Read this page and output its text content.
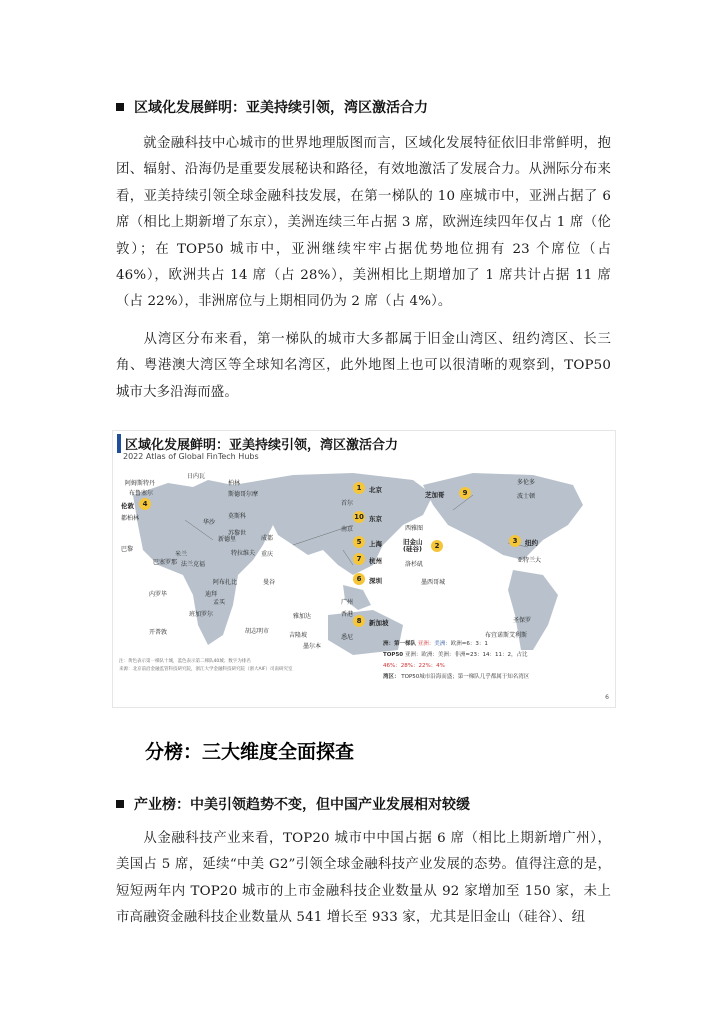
区域化发展鲜明：亚美持续引领，湾区激活合力

就金融科技中心城市的世界地理版图而言，区域化发展特征依旧非常鲜明，抱团、辐射、沿海仍是重要发展秘诀和路径，有效地激活了发展合力。从洲际分布来看，亚美持续引领全球金融科技发展，在第一梯队的 10 座城市中，亚洲占据了 6 席（相比上期新增了东京），美洲连续三年占据 3 席，欧洲连续四年仅占 1 席（伦敦）；在 TOP50 城市中，亚洲继续牢牢占据优势地位拥有 23 个席位（占 46%），欧洲共占 14 席（占 28%），美洲相比上期增加了 1 席共计占据 11 席（占 22%），非洲席位与上期相同仍为 2 席（占 4%）。

从湾区分布来看，第一梯队的城市大多都属于旧金山湾区、纽约湾区、长三角、粤港澳大湾区等全球知名湾区，此外地图上也可以很清晰的观察到，TOP50 城市大多沿海而盛。

区域化发展鲜明：亚美持续引领，湾区激活合力
2022 Atlas of Global FinTech Hubs
阿姆斯特丹
布鲁塞尔
4
伦敦
都柏林
巴黎
日内瓦
柏林
斯德哥尔摩
莫斯科
华沙
苏黎世
米兰
巴塞罗那 法兰克福
特拉维夫
阿布扎比
迪拜
孟买
班加罗尔
内罗毕
开普敦
新德里
重庆
成都
首尔
南京
广州
香港
曼谷
雅加达
吉隆坡
胡志明市
墨尔本
悉尼
1	北京
10 东京
5	上海
7	杭州
6	深圳
8	新加坡
9
芝加哥
西雅图
2
旧金山
(硅谷)
洛杉矶
墨西哥城
多伦多
波士顿
3	纽约
亚特兰大
圣保罗
布宜诺斯艾利斯
洲：第一梯队 亚洲：美洲：欧洲=6：3：1
TOP50 亚洲：欧洲：美洲：非洲=23：14：11：2，占比
46%：28%：22%：4%
湾区： TOP50城市沿海而盛；第一梯队几乎都属于知名湾区
注：黄色表示第一梯队十城，蓝色表示第二梯队40城；数字为排名
来源：北京前沿金融监管科技研究院，浙江大学金融科技研究院（浙大AIF）司南研究室
6
分榜：三大维度全面探查
产业榜：中美引领趋势不变，但中国产业发展相对较缓

从金融科技产业来看，TOP20 城市中中国占据 6 席（相比上期新增广州），美国占 5 席，延续“中美 G2”引领全球金融科技产业发展的态势。值得注意的是，短短两年内 TOP20 城市的上市金融科技企业数量从 92 家增加至 150 家，未上市高融资金融科技企业数量从 541 增长至 933 家，尤其是旧金山（硅谷）、纽
